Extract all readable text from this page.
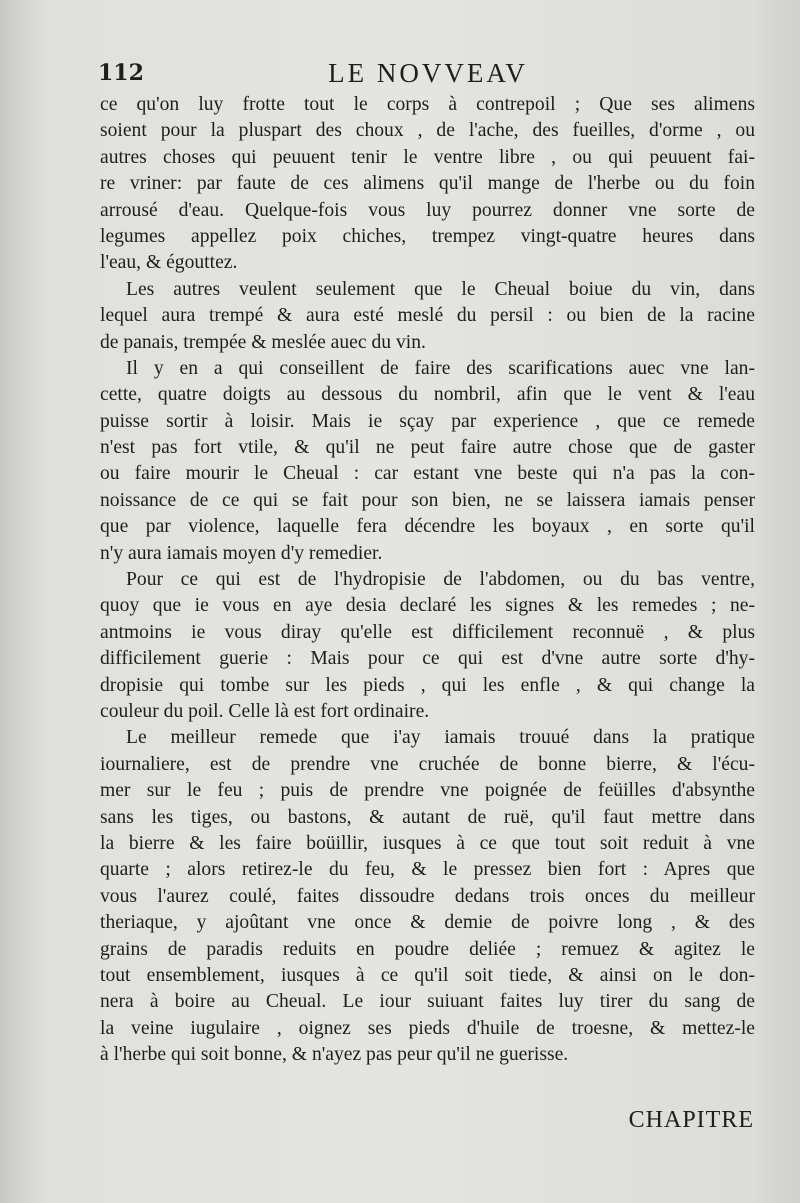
112	LE NOVVEAV
ce qu'on luy frotte tout le corps à contrepoil ; Que ses alimens
soient pour la pluspart des choux , de l'ache, des fueilles, d'orme , ou
autres choses qui peuuent tenir le ventre libre , ou qui peuuent fai-
re vriner: par faute de ces alimens qu'il mange de l'herbe ou du foin
arrousé d'eau. Quelque-fois vous luy pourrez donner vne sorte de
legumes appellez poix chiches, trempez vingt-quatre heures dans
l'eau, & égouttez.
Les autres veulent seulement que le Cheual boiue du vin, dans
lequel aura trempé & aura esté meslé du persil : ou bien de la racine
de panais, trempée & meslée auec du vin.
Il y en a qui conseillent de faire des scarifications auec vne lan-
cette, quatre doigts au dessous du nombril, afin que le vent & l'eau
puisse sortir à loisir. Mais ie sçay par experience , que ce remede
n'est pas fort vtile, & qu'il ne peut faire autre chose que de gaster
ou faire mourir le Cheual : car estant vne beste qui n'a pas la con-
noissance de ce qui se fait pour son bien, ne se laissera iamais penser
que par violence, laquelle fera décendre les boyaux , en sorte qu'il
n'y aura iamais moyen d'y remedier.
Pour ce qui est de l'hydropisie de l'abdomen, ou du bas ventre,
quoy que ie vous en aye desia declaré les signes & les remedes ; ne-
antmoins ie vous diray qu'elle est difficilement reconnuë , & plus
difficilement guerie : Mais pour ce qui est d'vne autre sorte d'hy-
dropisie qui tombe sur les pieds , qui les enfle , & qui change la
couleur du poil. Celle là est fort ordinaire.
Le meilleur remede que i'ay iamais trouué dans la pratique
iournaliere, est de prendre vne cruchée de bonne bierre, & l'écu-
mer sur le feu ; puis de prendre vne poignée de feüilles d'absynthe
sans les tiges, ou bastons, & autant de ruë, qu'il faut mettre dans
la bierre & les faire boüillir, iusques à ce que tout soit reduit à vne
quarte ; alors retirez-le du feu, & le pressez bien fort : Apres que
vous l'aurez coulé, faites dissoudre dedans trois onces du meilleur
theriaque, y ajoûtant vne once & demie de poivre long , & des
grains de paradis reduits en poudre deliée ; remuez & agitez le
tout ensemblement, iusques à ce qu'il soit tiede, & ainsi on le don-
nera à boire au Cheual. Le iour suiuant faites luy tirer du sang de
la veine iugulaire , oignez ses pieds d'huile de troesne, & mettez-le
à l'herbe qui soit bonne, & n'ayez pas peur qu'il ne guerisse.
CHAPITRE
